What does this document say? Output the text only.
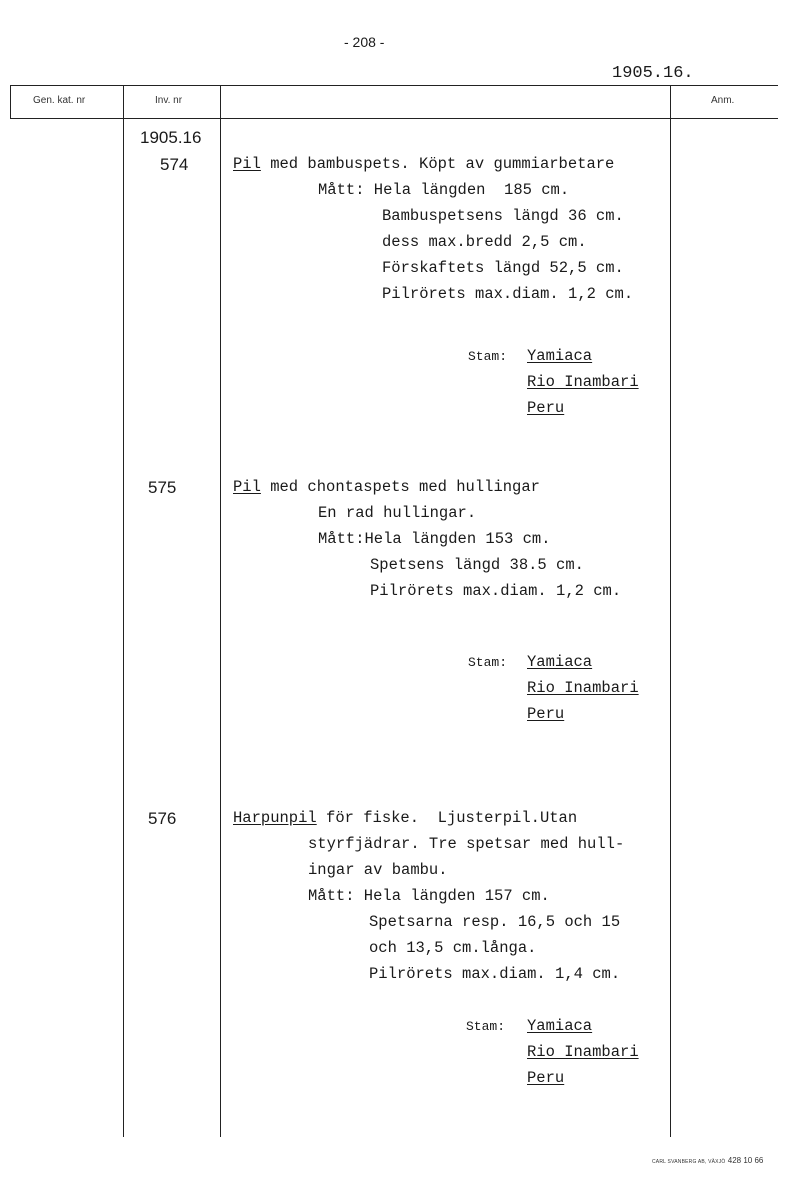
- 208 -
1905.16.
Gen. kat. nr	Inv. nr	Anm.
1905.16
574	Pil med bambuspets. Köpt av gummiarbetare
Mått: Hela längden  185 cm.
Bambuspetsens längd 36 cm.
dess max.bredd 2,5 cm.
Förskaftets längd 52,5 cm.
Pilrörets max.diam. 1,2 cm.
Stam: Yamiaca
Rio Inambari
Peru
575	Pil med chontaspets med hullingar
En rad hullingar.
Mått:Hela längden 153 cm.
Spetsens längd 38.5 cm.
Pilrörets max.diam. 1,2 cm.
Stam: Yamiaca
Rio Inambari
Peru
576	Harpunpil för fiske.  Ljusterpil.Utan
styrfjädrar. Tre spetsar med hull-
ingar av bambu.
Mått: Hela längden 157 cm.
Spetsarna resp. 16,5 och 15
och 13,5 cm.långa.
Pilrörets max.diam. 1,4 cm.
Stam: Yamiaca
Rio Inambari
Peru
CARL SVANBERG AB, VÄXJÖ 428 10 66
